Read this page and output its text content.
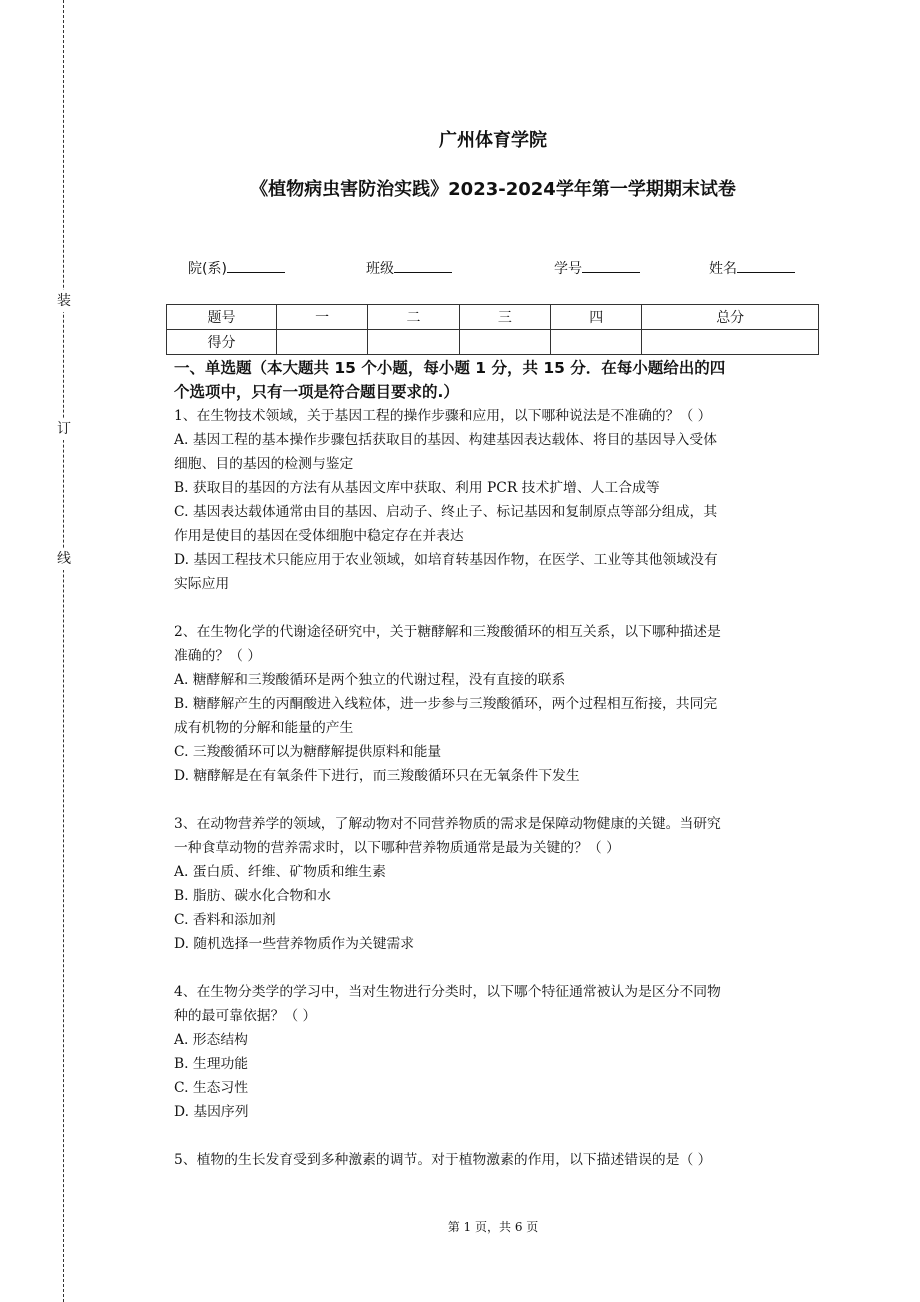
装
订
线
广州体育学院
《植物病虫害防治实践》2023-2024学年第一学期期末试卷
院(系)	班级	学号	姓名
题号	一	二	三	四	总分
得分					
一、单选题（本大题共 15 个小题，每小题 1 分，共 15 分．在每小题给出的四
个选项中，只有一项是符合题目要求的.）
1、在生物技术领域，关于基因工程的操作步骤和应用，以下哪种说法是不准确的？（ ）
A. 基因工程的基本操作步骤包括获取目的基因、构建基因表达载体、将目的基因导入受体
细胞、目的基因的检测与鉴定
B. 获取目的基因的方法有从基因文库中获取、利用 PCR 技术扩增、人工合成等
C. 基因表达载体通常由目的基因、启动子、终止子、标记基因和复制原点等部分组成，其
作用是使目的基因在受体细胞中稳定存在并表达
D. 基因工程技术只能应用于农业领域，如培育转基因作物，在医学、工业等其他领域没有
实际应用
2、在生物化学的代谢途径研究中，关于糖酵解和三羧酸循环的相互关系，以下哪种描述是
准确的？（ ）
A. 糖酵解和三羧酸循环是两个独立的代谢过程，没有直接的联系
B. 糖酵解产生的丙酮酸进入线粒体，进一步参与三羧酸循环，两个过程相互衔接，共同完
成有机物的分解和能量的产生
C. 三羧酸循环可以为糖酵解提供原料和能量
D. 糖酵解是在有氧条件下进行，而三羧酸循环只在无氧条件下发生
3、在动物营养学的领域，了解动物对不同营养物质的需求是保障动物健康的关键。当研究
一种食草动物的营养需求时，以下哪种营养物质通常是最为关键的？（ ）
A. 蛋白质、纤维、矿物质和维生素
B. 脂肪、碳水化合物和水
C. 香料和添加剂
D. 随机选择一些营养物质作为关键需求
4、在生物分类学的学习中，当对生物进行分类时，以下哪个特征通常被认为是区分不同物
种的最可靠依据？（ ）
A. 形态结构
B. 生理功能
C. 生态习性
D. 基因序列
5、植物的生长发育受到多种激素的调节。对于植物激素的作用，以下描述错误的是（ ）
第 1 页，共 6 页
